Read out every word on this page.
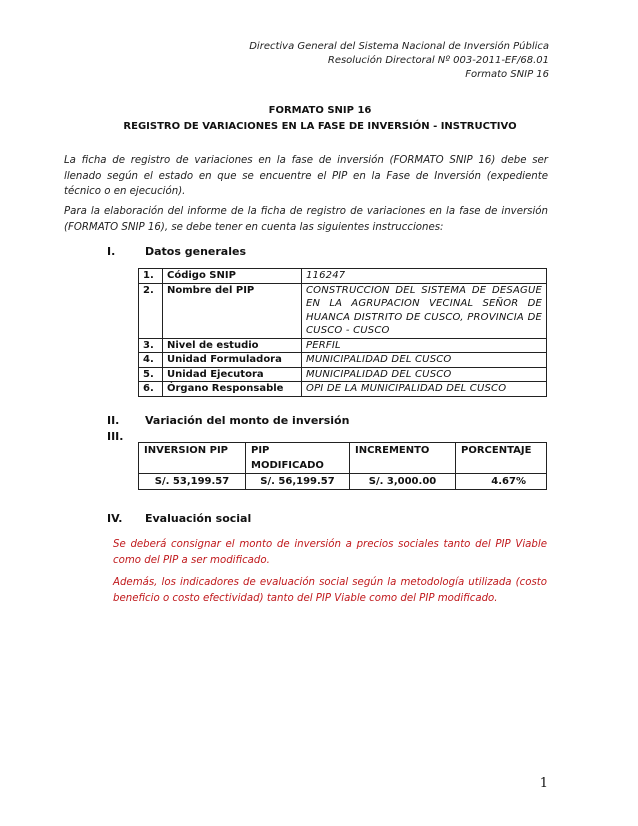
Directiva General del Sistema Nacional de Inversión Pública
Resolución Directoral Nº 003-2011-EF/68.01
Formato SNIP 16
FORMATO SNIP 16
REGISTRO DE VARIACIONES EN LA FASE DE INVERSIÓN - INSTRUCTIVO
La ficha de registro de variaciones en la fase de inversión (FORMATO SNIP 16) debe ser llenado según el estado en que se encuentre el PIP en la Fase de Inversión (expediente técnico o en ejecución).
Para la elaboración del informe de la ficha de registro de variaciones en la fase de inversión (FORMATO SNIP 16), se debe tener en cuenta las siguientes instrucciones:
I.	Datos generales
1.	Código SNIP	116247
2.	Nombre del PIP	CONSTRUCCION DEL SISTEMA DE DESAGUE EN LA AGRUPACION VECINAL SEÑOR DE HUANCA DISTRITO DE CUSCO, PROVINCIA DE CUSCO - CUSCO
3.	Nivel de estudio	PERFIL
4.	Unidad Formuladora	MUNICIPALIDAD DEL CUSCO
5.	Unidad Ejecutora	MUNICIPALIDAD DEL CUSCO
6.	Órgano Responsable	OPI DE LA MUNICIPALIDAD DEL CUSCO
II. Variación del monto de inversión
III.
INVERSION PIP	PIP MODIFICADO	INCREMENTO	PORCENTAJE
S/. 53,199.57	S/. 56,199.57	S/. 3,000.00	4.67%
IV. Evaluación social
Se deberá consignar el monto de inversión a precios sociales tanto del PIP Viable como del PIP a ser modificado.
Además, los indicadores de evaluación social según la metodología utilizada (costo beneficio o costo efectividad) tanto del PIP Viable como del PIP modificado.
1
